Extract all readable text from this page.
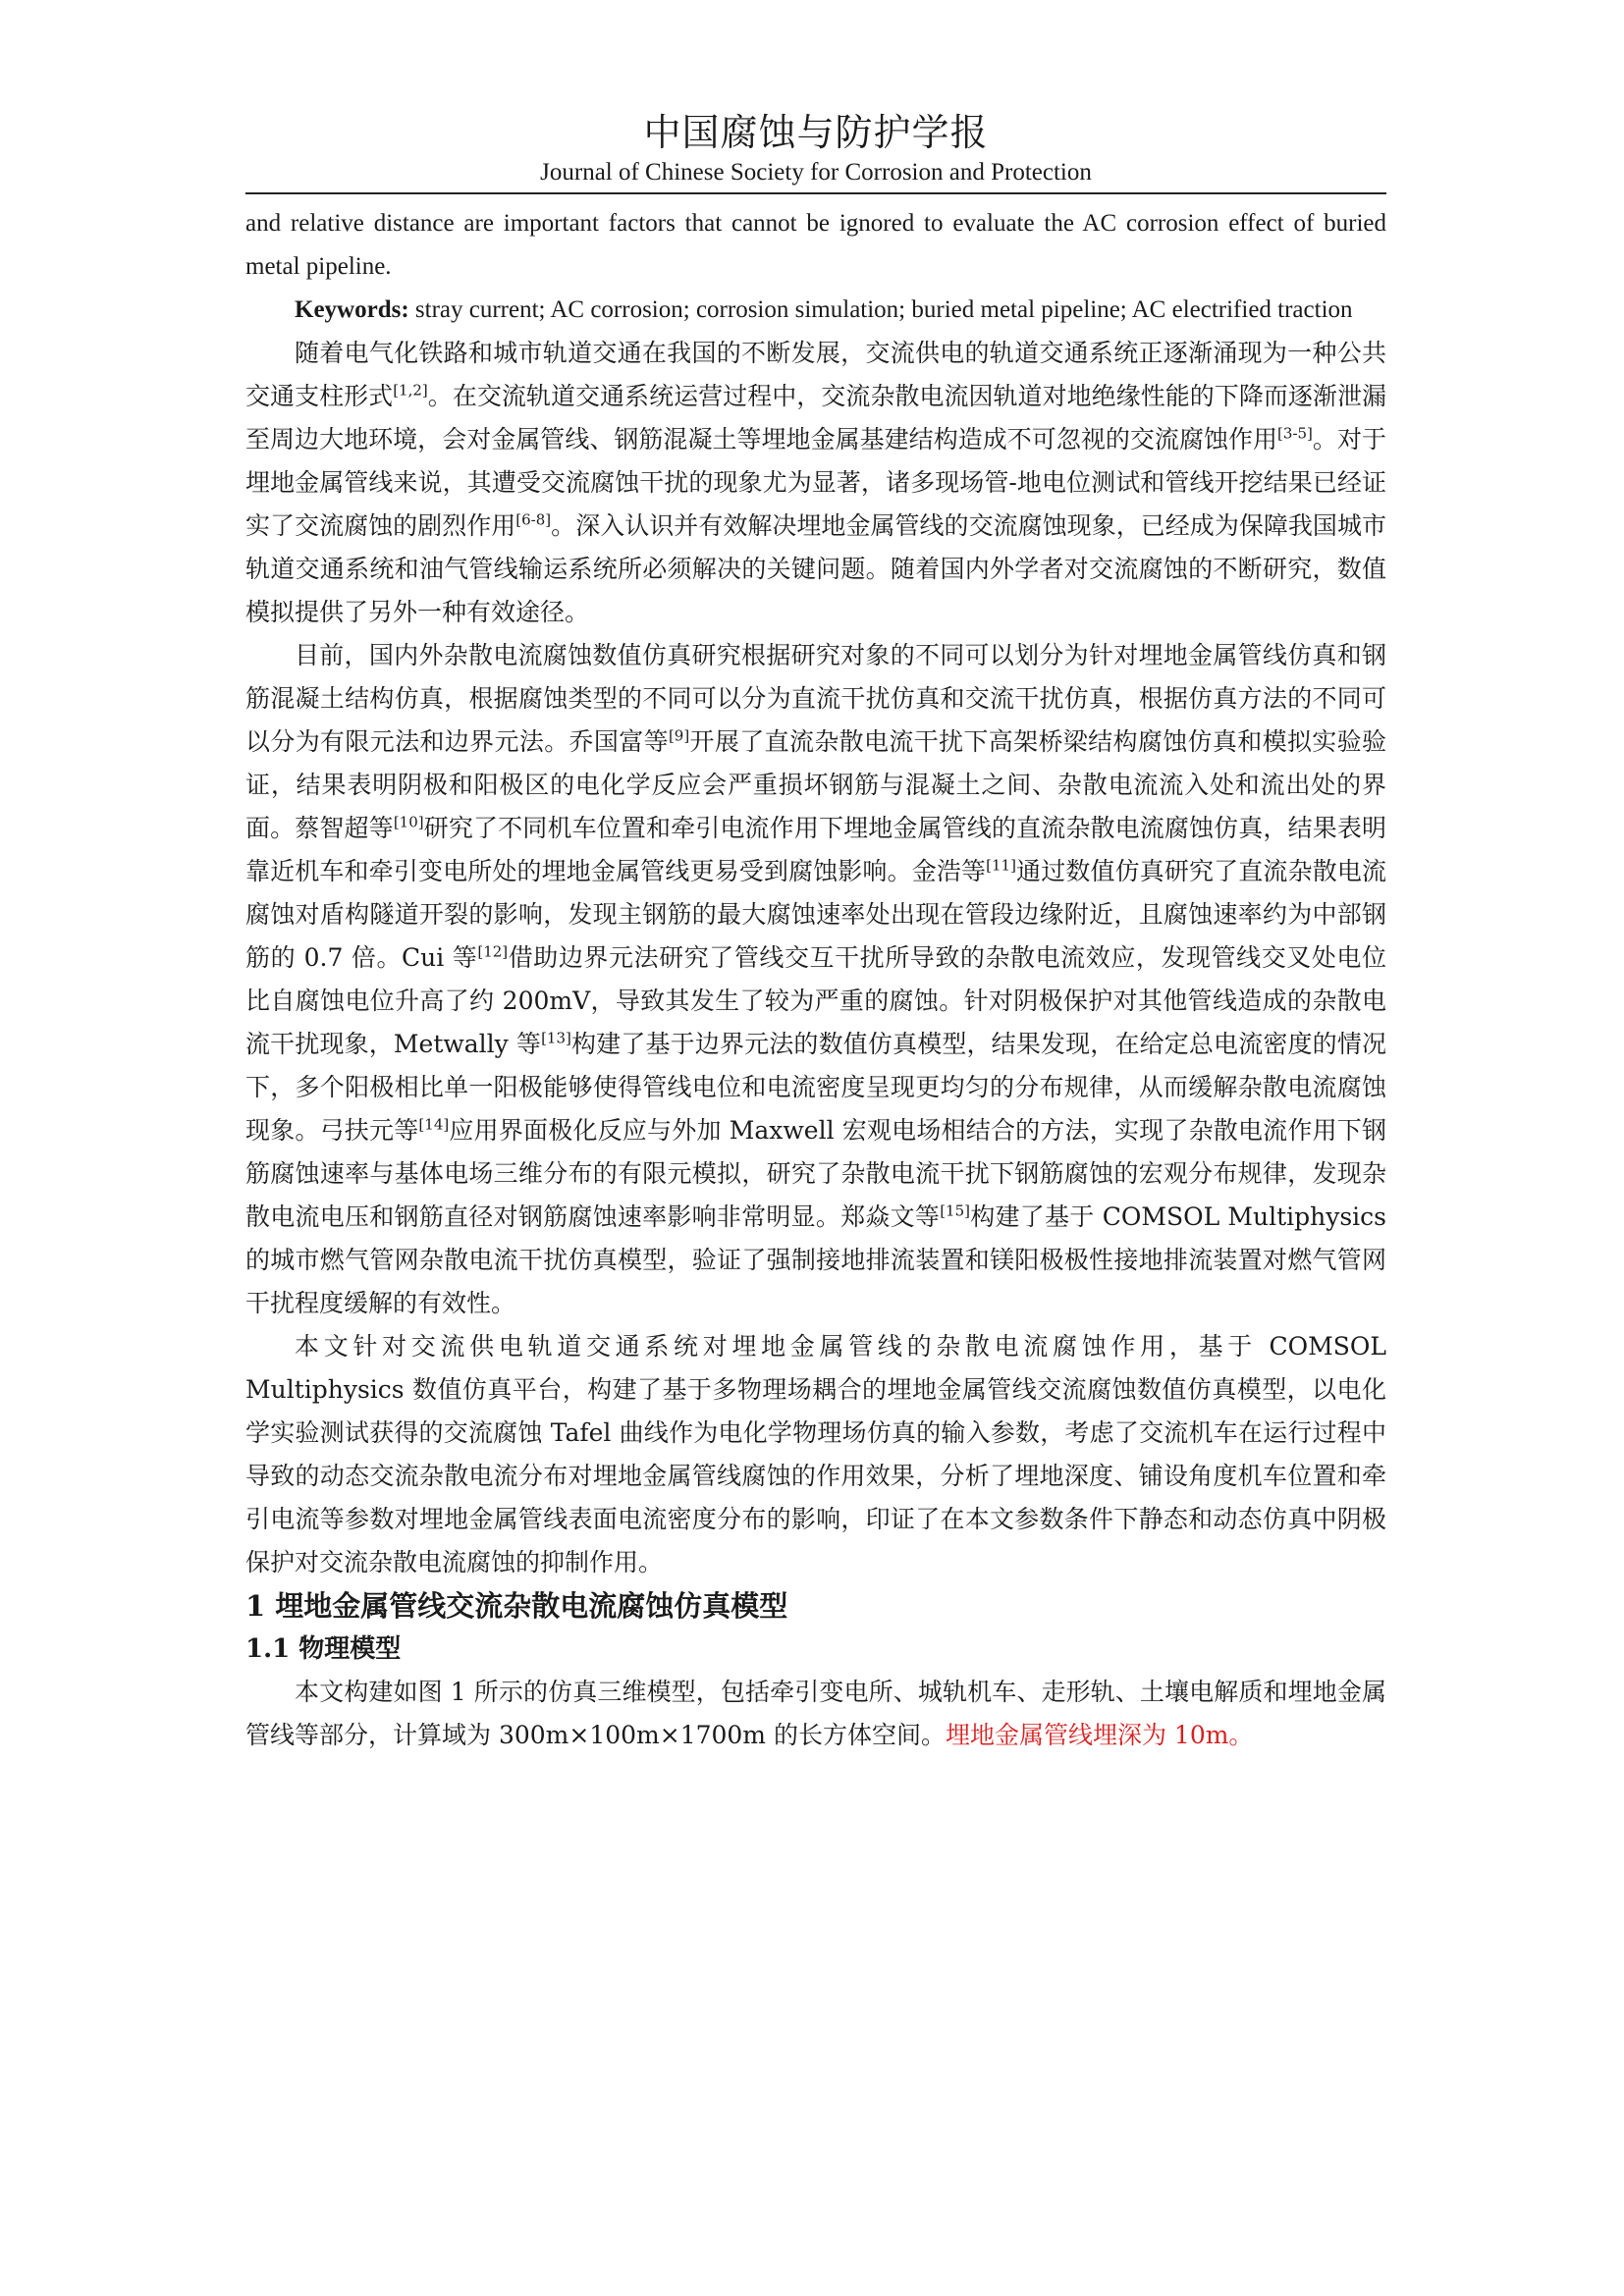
中国腐蚀与防护学报
Journal of Chinese Society for Corrosion and Protection

and relative distance are important factors that cannot be ignored to evaluate the AC corrosion effect of buried metal pipeline.

Keywords: stray current; AC corrosion; corrosion simulation; buried metal pipeline; AC electrified traction

随着电气化铁路和城市轨道交通在我国的不断发展，交流供电的轨道交通系统正逐渐涌现为一种公共交通支柱形式[1,2]。在交流轨道交通系统运营过程中，交流杂散电流因轨道对地绝缘性能的下降而逐渐泄漏至周边大地环境，会对金属管线、钢筋混凝土等埋地金属基建结构造成不可忽视的交流腐蚀作用[3-5]。对于埋地金属管线来说，其遭受交流腐蚀干扰的现象尤为显著，诸多现场管-地电位测试和管线开挖结果已经证实了交流腐蚀的剧烈作用[6-8]。深入认识并有效解决埋地金属管线的交流腐蚀现象，已经成为保障我国城市轨道交通系统和油气管线输运系统所必须解决的关键问题。随着国内外学者对交流腐蚀的不断研究，数值模拟提供了另外一种有效途径。

目前，国内外杂散电流腐蚀数值仿真研究根据研究对象的不同可以划分为针对埋地金属管线仿真和钢筋混凝土结构仿真，根据腐蚀类型的不同可以分为直流干扰仿真和交流干扰仿真，根据仿真方法的不同可以分为有限元法和边界元法。乔国富等[9]开展了直流杂散电流干扰下高架桥梁结构腐蚀仿真和模拟实验验证，结果表明阴极和阳极区的电化学反应会严重损坏钢筋与混凝土之间、杂散电流流入处和流出处的界面。蔡智超等[10]研究了不同机车位置和牵引电流作用下埋地金属管线的直流杂散电流腐蚀仿真，结果表明靠近机车和牵引变电所处的埋地金属管线更易受到腐蚀影响。金浩等[11]通过数值仿真研究了直流杂散电流腐蚀对盾构隧道开裂的影响，发现主钢筋的最大腐蚀速率处出现在管段边缘附近，且腐蚀速率约为中部钢筋的 0.7 倍。Cui 等[12]借助边界元法研究了管线交互干扰所导致的杂散电流效应，发现管线交叉处电位比自腐蚀电位升高了约 200mV，导致其发生了较为严重的腐蚀。针对阴极保护对其他管线造成的杂散电流干扰现象，Metwally 等[13]构建了基于边界元法的数值仿真模型，结果发现，在给定总电流密度的情况下，多个阳极相比单一阳极能够使得管线电位和电流密度呈现更均匀的分布规律，从而缓解杂散电流腐蚀现象。弓扶元等[14]应用界面极化反应与外加 Maxwell 宏观电场相结合的方法，实现了杂散电流作用下钢筋腐蚀速率与基体电场三维分布的有限元模拟，研究了杂散电流干扰下钢筋腐蚀的宏观分布规律，发现杂散电流电压和钢筋直径对钢筋腐蚀速率影响非常明显。郑焱文等[15]构建了基于 COMSOL Multiphysics 的城市燃气管网杂散电流干扰仿真模型，验证了强制接地排流装置和镁阳极极性接地排流装置对燃气管网干扰程度缓解的有效性。

本文针对交流供电轨道交通系统对埋地金属管线的杂散电流腐蚀作用，基于 COMSOL Multiphysics 数值仿真平台，构建了基于多物理场耦合的埋地金属管线交流腐蚀数值仿真模型，以电化学实验测试获得的交流腐蚀 Tafel 曲线作为电化学物理场仿真的输入参数，考虑了交流机车在运行过程中导致的动态交流杂散电流分布对埋地金属管线腐蚀的作用效果，分析了埋地深度、铺设角度机车位置和牵引电流等参数对埋地金属管线表面电流密度分布的影响，印证了在本文参数条件下静态和动态仿真中阴极保护对交流杂散电流腐蚀的抑制作用。

1 埋地金属管线交流杂散电流腐蚀仿真模型
1.1 物理模型

本文构建如图 1 所示的仿真三维模型，包括牵引变电所、城轨机车、走形轨、土壤电解质和埋地金属管线等部分，计算域为 300m×100m×1700m 的长方体空间。埋地金属管线埋深为 10m。
